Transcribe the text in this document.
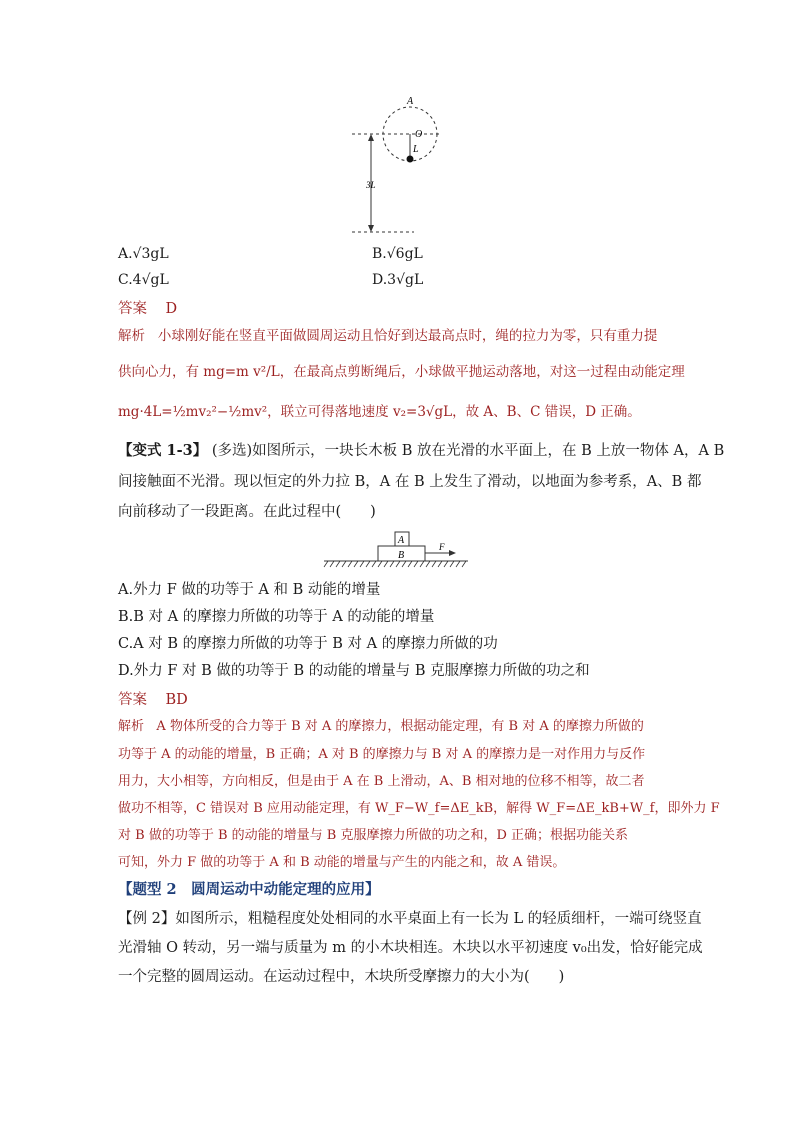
A
O
L
3L
A.√3gL	B.√6gL
C.4√gL	D.3√gL
答案 D
解析 小球刚好能在竖直平面做圆周运动且恰好到达最高点时，绳的拉力为零，只有重力提
供向心力，有 mg=m v²/L，在最高点剪断绳后，小球做平抛运动落地，对这一过程由动能定理
mg·4L=½mv₂²−½mv²，联立可得落地速度 v₂=3√gL，故 A、B、C 错误，D 正确。
【变式 1-3】 (多选)如图所示，一块长木板 B 放在光滑的水平面上，在 B 上放一物体 A，A B
间接触面不光滑。现以恒定的外力拉 B，A 在 B 上发生了滑动，以地面为参考系，A、B 都
向前移动了一段距离。在此过程中(　　)
A
B
F
A.外力 F 做的功等于 A 和 B 动能的增量
B.B 对 A 的摩擦力所做的功等于 A 的动能的增量
C.A 对 B 的摩擦力所做的功等于 B 对 A 的摩擦力所做的功
D.外力 F 对 B 做的功等于 B 的动能的增量与 B 克服摩擦力所做的功之和
答案 BD
解析 A 物体所受的合力等于 B 对 A 的摩擦力，根据动能定理，有 B 对 A 的摩擦力所做的
功等于 A 的动能的增量，B 正确；A 对 B 的摩擦力与 B 对 A 的摩擦力是一对作用力与反作
用力，大小相等，方向相反，但是由于 A 在 B 上滑动，A、B 相对地的位移不相等，故二者
做功不相等，C 错误对 B 应用动能定理，有 W_F−W_f=ΔE_kB，解得 W_F=ΔE_kB+W_f，即外力 F
对 B 做的功等于 B 的动能的增量与 B 克服摩擦力所做的功之和，D 正确；根据功能关系
可知，外力 F 做的功等于 A 和 B 动能的增量与产生的内能之和，故 A 错误。
【题型 2　圆周运动中动能定理的应用】
【例 2】如图所示，粗糙程度处处相同的水平桌面上有一长为 L 的轻质细杆，一端可绕竖直
光滑轴 O 转动，另一端与质量为 m 的小木块相连。木块以水平初速度 v₀出发，恰好能完成
一个完整的圆周运动。在运动过程中，木块所受摩擦力的大小为(　　)
